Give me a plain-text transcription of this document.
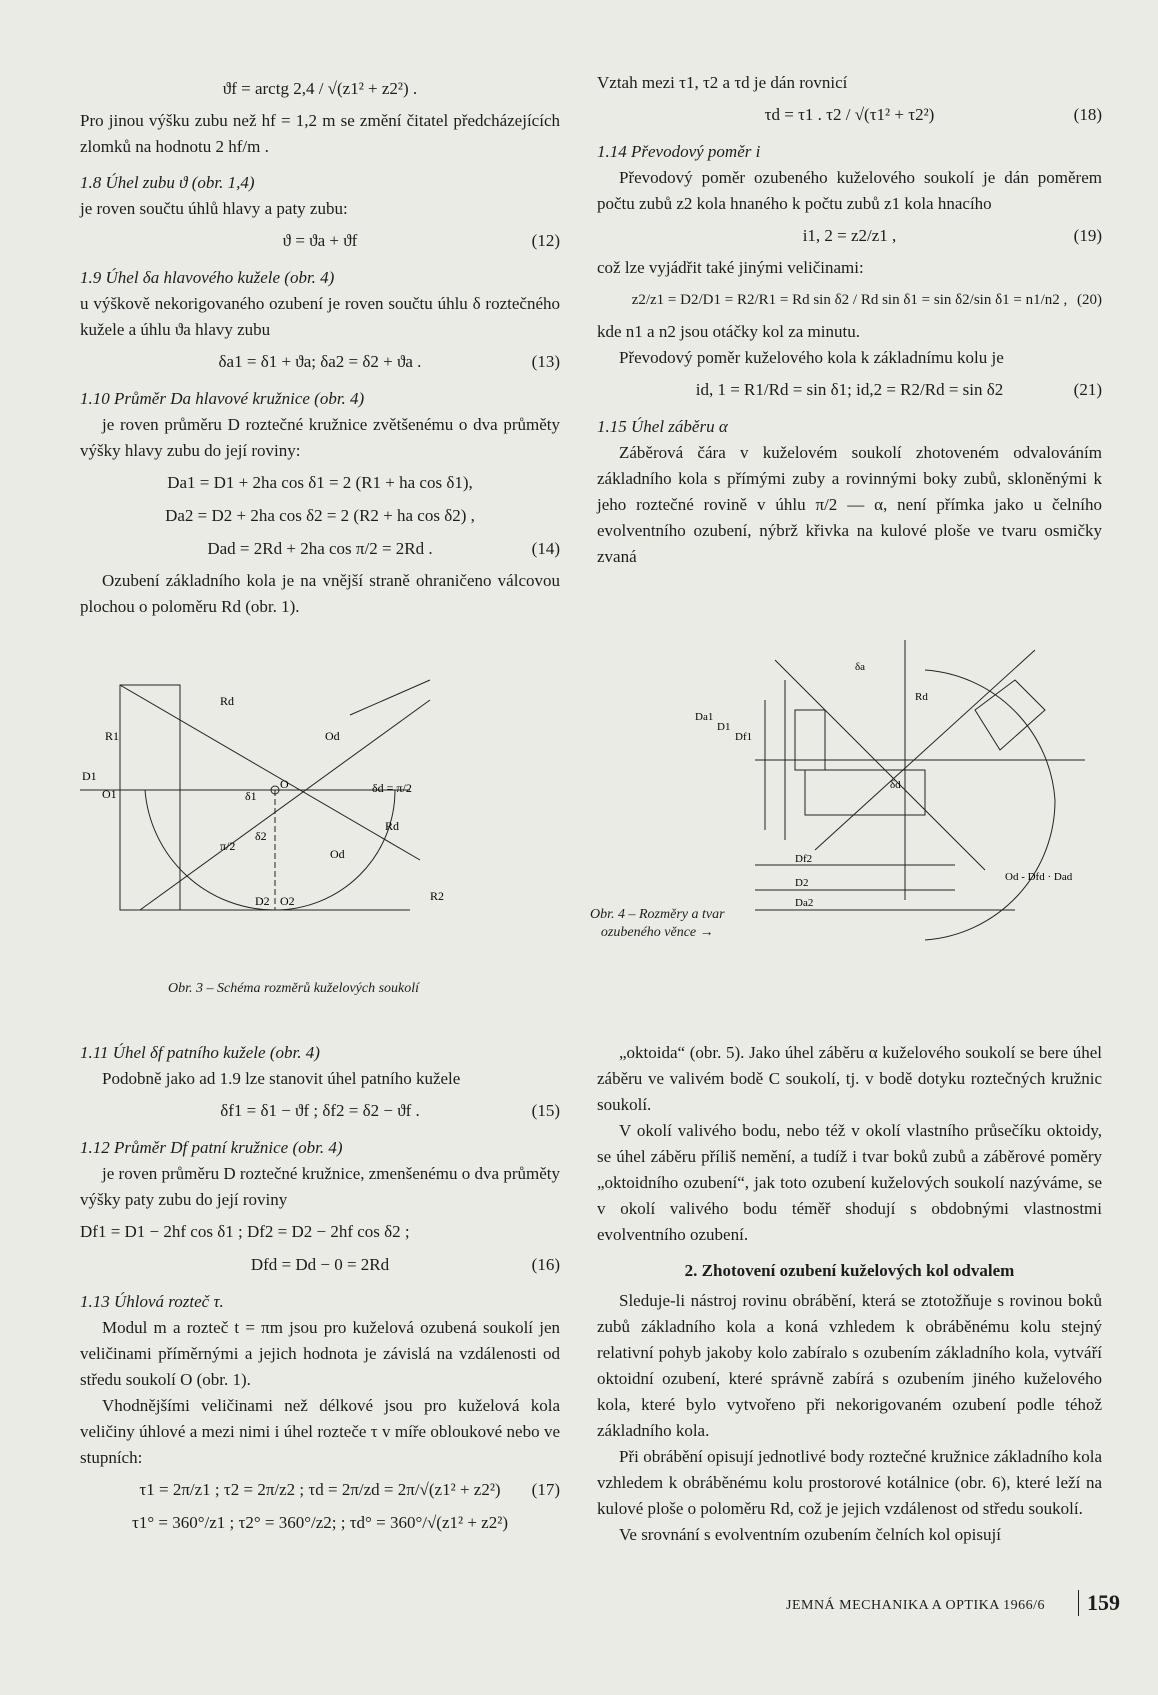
ϑf = arctg 2,4 / √(z1² + z2²) .

Pro jinou výšku zubu než hf = 1,2 m se změní čitatel předcházejících zlomků na hodnotu 2 hf/m .

1.8 Úhel zubu ϑ (obr. 1,4)

je roven součtu úhlů hlavy a paty zubu:

ϑ = ϑa + ϑf	(12)

1.9 Úhel δa hlavového kužele (obr. 4)

u výškově nekorigovaného ozubení je roven součtu úhlu δ roztečného kužele a úhlu ϑa hlavy zubu

δa1 = δ1 + ϑa; δa2 = δ2 + ϑa .	(13)

1.10 Průměr Da hlavové kružnice (obr. 4)

je roven průměru D roztečné kružnice zvětšenému o dva průměty výšky hlavy zubu do její roviny:

Da1 = D1 + 2ha cos δ1 = 2 (R1 + ha cos δ1),
Da2 = D2 + 2ha cos δ2 = 2 (R2 + ha cos δ2) ,
Dad = 2Rd + 2ha cos π/2 = 2Rd .	(14)

Ozubení základního kola je na vnější straně ohraničeno válcovou plochou o poloměru Rd (obr. 1).

R1
D1
O1
Rd
Od
O
δ1
δ2
δd = π/2
Rd
Od
R2
D2 O2
π/2
Obr. 3 – Schéma rozměrů kuželových soukolí

1.11 Úhel δf patního kužele (obr. 4)

Podobně jako ad 1.9 lze stanovit úhel patního kužele

δf1 = δ1 − ϑf ; δf2 = δ2 − ϑf .	(15)

1.12 Průměr Df patní kružnice (obr. 4)

je roven průměru D roztečné kružnice, zmenšenému o dva průměty výšky paty zubu do její roviny

Df1 = D1 − 2hf cos δ1 ; Df2 = D2 − 2hf cos δ2 ;
Dfd = Dd − 0 = 2Rd	(16)

1.13 Úhlová rozteč τ.

Modul m a rozteč t = πm jsou pro kuželová ozubená soukolí jen veličinami příměrnými a jejich hodnota je závislá na vzdálenosti od středu soukolí O (obr. 1).

Vhodnějšími veličinami než délkové jsou pro kuželová kola veličiny úhlové a mezi nimi i úhel rozteče τ v míře obloukové nebo ve stupních:

τ1 = 2π/z1 ; τ2 = 2π/z2 ; τd = 2π/zd = 2π/√(z1² + z2²) (17)
τ1° = 360°/z1 ; τ2° = 360°/z2; ; τd° = 360°/√(z1² + z2²)

Vztah mezi τ1, τ2 a τd je dán rovnicí

τd = τ1 . τ2 / √(τ1² + τ2²)	(18)

1.14 Převodový poměr i

Převodový poměr ozubeného kuželového soukolí je dán poměrem počtu zubů z2 kola hnaného k počtu zubů z1 kola hnacího

i1, 2 = z2/z1 ,	(19)

což lze vyjádřit také jinými veličinami:

z2/z1 = D2/D1 = R2/R1 = Rd sin δ2 / Rd sin δ1 = sin δ2/sin δ1 = n1/n2 , (20)

kde n1 a n2 jsou otáčky kol za minutu.

Převodový poměr kuželového kola k základnímu kolu je

id, 1 = R1/Rd = sin δ1; id,2 = R2/Rd = sin δ2	(21)

1.15 Úhel záběru α

Záběrová čára v kuželovém soukolí zhotoveném odvalováním základního kola s přímými zuby a rovinnými boky zubů, skloněnými k jeho roztečné rovině v úhlu π/2 — α, není přímka jako u čelního evolventního ozubení, nýbrž křivka na kulové ploše ve tvaru osmičky zvaná

δa
δd
Da1
D1
Df1
Rd
Df2
D2
Da2
Od - Dfd · Dad
Obr. 4 – Rozměry a tvar
ozubeného věnce →

„oktoida“ (obr. 5). Jako úhel záběru α kuželového soukolí se bere úhel záběru ve valivém bodě C soukolí, tj. v bodě dotyku roztečných kružnic soukolí.

V okolí valivého bodu, nebo též v okolí vlastního průsečíku oktoidy, se úhel záběru příliš nemění, a tudíž i tvar boků zubů a záběrové poměry „oktoidního ozubení“, jak toto ozubení kuželových soukolí nazýváme, se v okolí valivého bodu téměř shodují s obdobnými vlastnostmi evolventního ozubení.

2. Zhotovení ozubení kuželových kol odvalem

Sleduje-li nástroj rovinu obrábění, která se ztotožňuje s rovinou boků zubů základního kola a koná vzhledem k obráběnému kolu stejný relativní pohyb jakoby kolo zabíralo s ozubením základního kola, vytváří oktoidní ozubení, které správně zabírá s ozubením jiného kuželového kola, které bylo vytvořeno při nekorigovaném ozubení podle téhož základního kola.

Při obrábění opisují jednotlivé body roztečné kružnice základního kola vzhledem k obráběnému kolu prostorové kotálnice (obr. 6), které leží na kulové ploše o poloměru Rd, což je jejich vzdálenost od středu soukolí.

Ve srovnání s evolventním ozubením čelních kol opisují

JEMNÁ MECHANIKA A OPTIKA 1966/6	159
